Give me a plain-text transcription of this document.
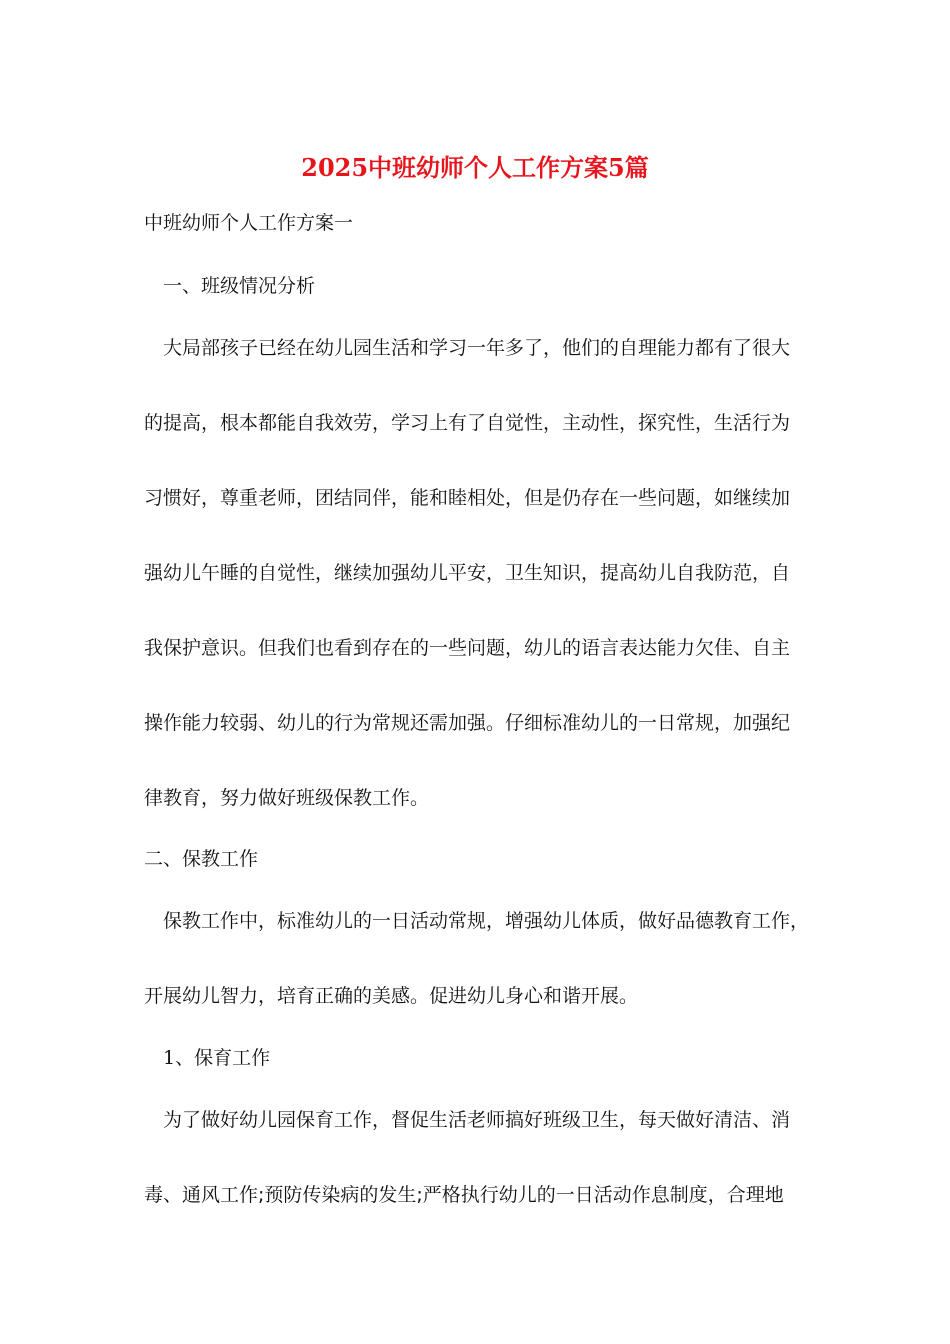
2025中班幼师个人工作方案5篇
中班幼师个人工作方案一
一、班级情况分析
大局部孩子已经在幼儿园生活和学习一年多了，他们的自理能力都有了很大
的提高，根本都能自我效劳，学习上有了自觉性，主动性，探究性，生活行为
习惯好，尊重老师，团结同伴，能和睦相处，但是仍存在一些问题，如继续加
强幼儿午睡的自觉性，继续加强幼儿平安，卫生知识，提高幼儿自我防范，自
我保护意识。但我们也看到存在的一些问题，幼儿的语言表达能力欠佳、自主
操作能力较弱、幼儿的行为常规还需加强。仔细标准幼儿的一日常规，加强纪
律教育，努力做好班级保教工作。
二、保教工作
保教工作中，标准幼儿的一日活动常规，增强幼儿体质，做好品德教育工作，
开展幼儿智力，培育正确的美感。促进幼儿身心和谐开展。
1、保育工作
为了做好幼儿园保育工作，督促生活老师搞好班级卫生，每天做好清洁、消
毒、通风工作;预防传染病的发生;严格执行幼儿的一日活动作息制度，合理地
